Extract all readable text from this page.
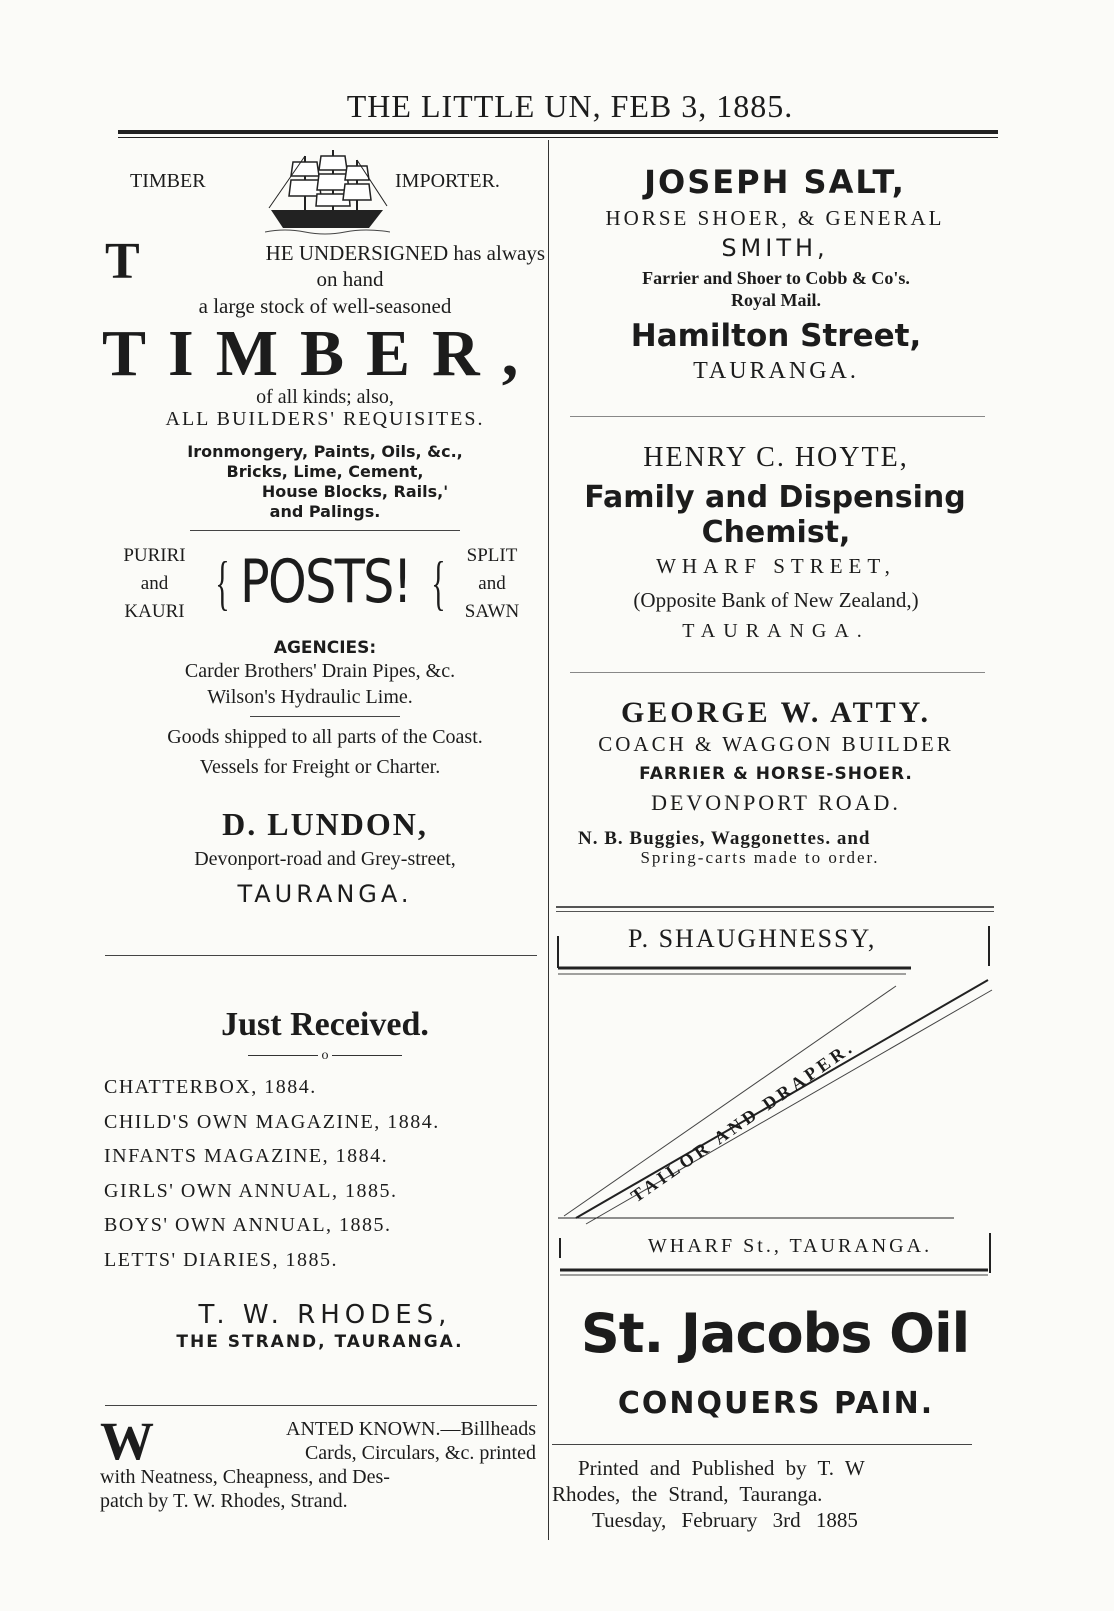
THE LITTLE UN, FEB 3, 1885.
TIMBER	IMPORTER.
T	HE UNDERSIGNED has always
on hand
a large stock of well-seasoned
TIMBER,
of all kinds; also,
ALL BUILDERS' REQUISITES.
Ironmongery, Paints, Oils, &c.,
Bricks, Lime, Cement,
House Blocks, Rails,'
and Palings.
PURIRI
and
KAURI { POSTS! {	SPLIT
and
SAWN
AGENCIES:
Carder Brothers' Drain Pipes, &c.
Wilson's Hydraulic Lime.
Goods shipped to all parts of the Coast.
Vessels for Freight or Charter.
D. LUNDON,
Devonport-road and Grey-street,
TAURANGA.
Just Received.
o
CHATTERBOX, 1884.
CHILD'S OWN MAGAZINE, 1884.
INFANTS MAGAZINE, 1884.
GIRLS' OWN ANNUAL, 1885.
BOYS' OWN ANNUAL, 1885.
LETTS' DIARIES, 1885.
T. W. RHODES,
THE STRAND, TAURANGA.
W	ANTED KNOWN.—Billheads
Cards, Circulars, &c. printed
with Neatness, Cheapness, and Des-
patch by T. W. Rhodes, Strand.
JOSEPH SALT,
HORSE SHOER, & GENERAL
SMITH,
Farrier and Shoer to Cobb & Co's.
Royal Mail.
Hamilton Street,
TAURANGA.
HENRY C. HOYTE,
Family and Dispensing
Chemist,
WHARF STREET,
(Opposite Bank of New Zealand,)
TAURANGA.
GEORGE W. ATTY.
COACH & WAGGON BUILDER
FARRIER & HORSE-SHOER.
DEVONPORT ROAD.
N. B. Buggies, Waggonettes. and
Spring-carts made to order.
P. SHAUGHNESSY,
TAILOR AND DRAPER.
WHARF St., TAURANGA.
St. Jacobs Oil
CONQUERS PAIN.
Printed and Published by T. W
Rhodes, the Strand, Tauranga.
Tuesday, February 3rd 1885
